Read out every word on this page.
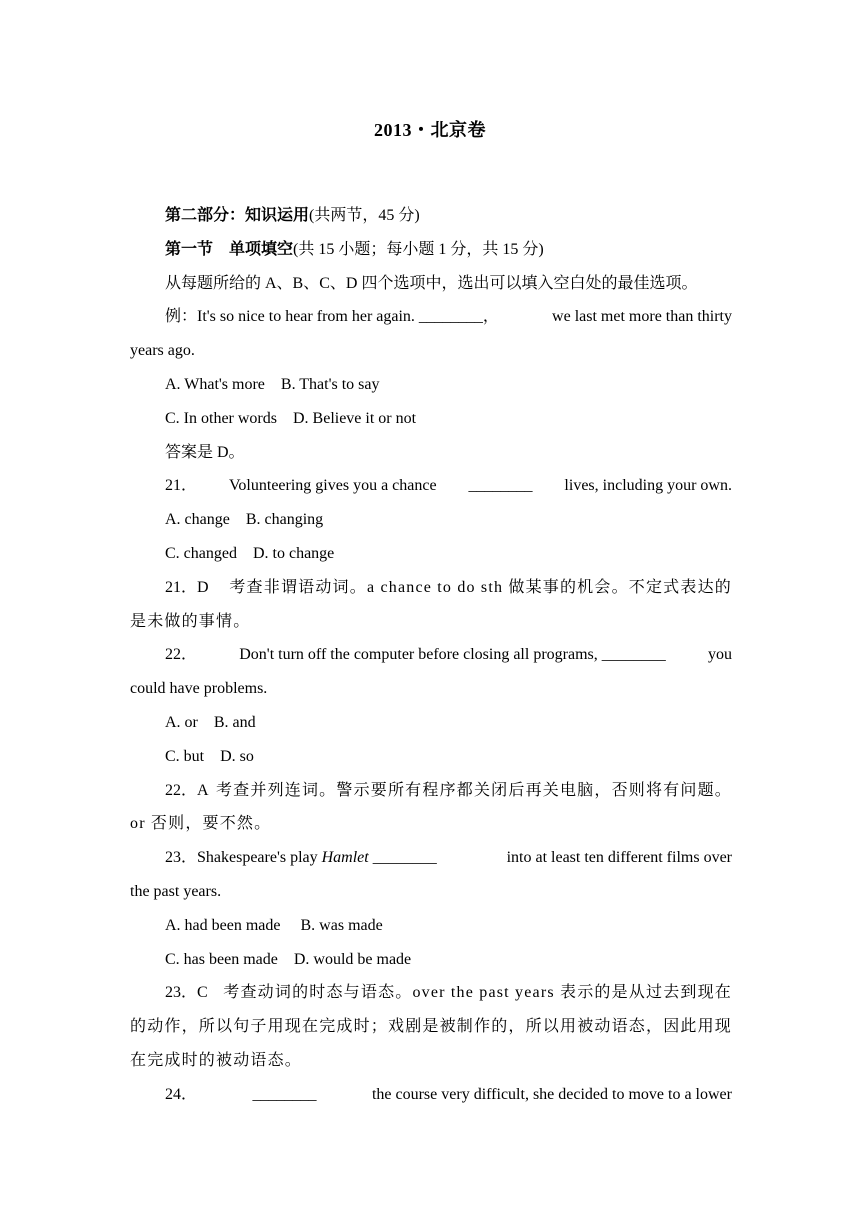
2013・北京卷
第二部分：知识运用(共两节，45 分)
第一节　单项填空(共 15 小题；每小题 1 分，共 15 分)
从每题所给的 A、B、C、D 四个选项中，选出可以填入空白处的最佳选项。
例：It's so nice to hear from her again. ________，	we last met more than thirty
years ago.
A. What's more　B. That's to say
C. In other words　D. Believe it or not
答案是 D。
21． Volunteering gives you a chance ________ lives, including your own.
A. change　B. changing
C. changed　D. to change
21．D 考查非谓语动词。a chance to do sth 做某事的机会。不定式表达的
是未做的事情。
22．	Don't turn off the computer before closing all programs, ________	you
could have problems.
A. or　B. and
C. but　D. so
22．A 考查并列连词。警示要所有程序都关闭后再关电脑，否则将有问题。
or 否则，要不然。
23．Shakespeare's play Hamlet ________	into at least ten different films over
the past years.
A. had been made　 B. was made
C. has been made　D. would be made
23．C 考查动词的时态与语态。over the past years 表示的是从过去到现在
的动作，所以句子用现在完成时；戏剧是被制作的，所以用被动语态，因此用现
在完成时的被动语态。
24．	________	the course very difficult, she decided to move to a lower
